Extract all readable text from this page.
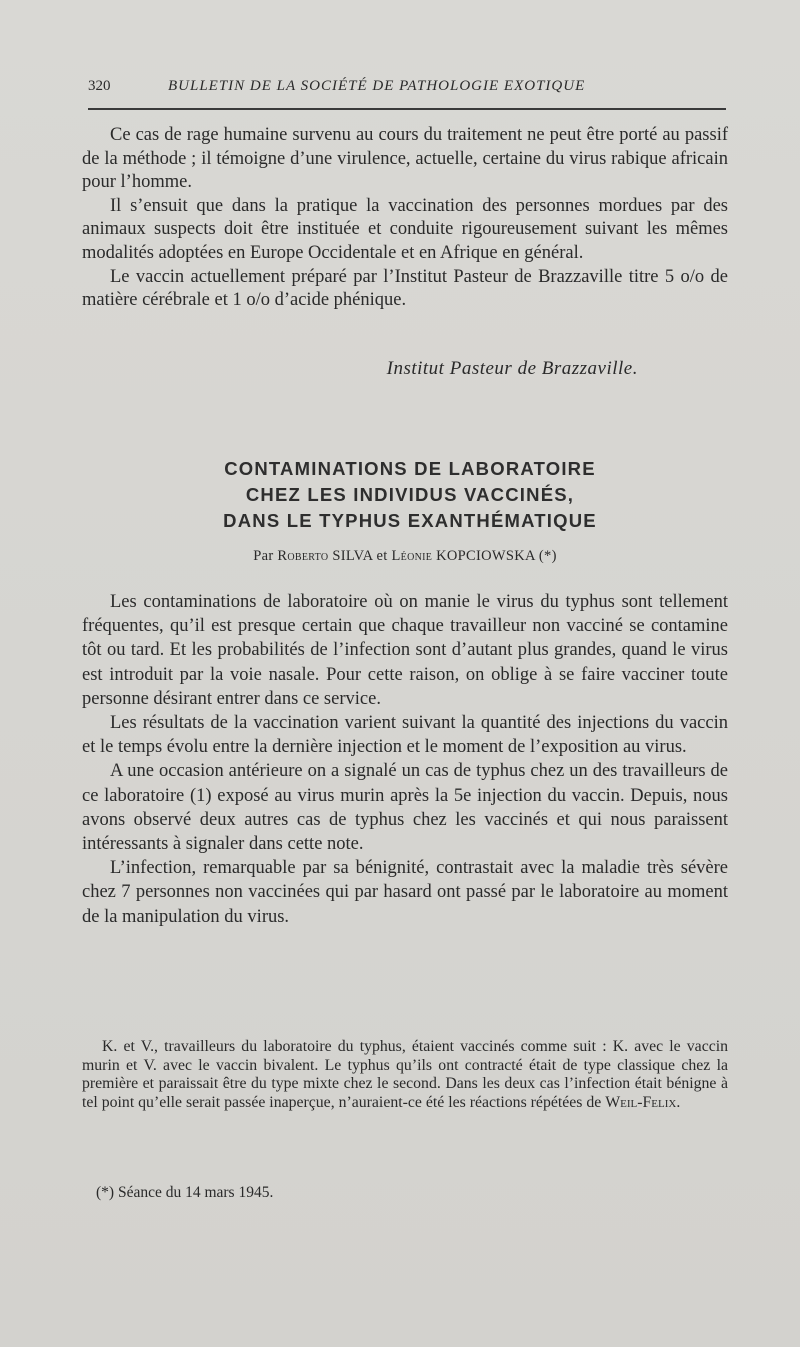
320	BULLETIN DE LA SOCIÉTÉ DE PATHOLOGIE EXOTIQUE

Ce cas de rage humaine survenu au cours du traitement ne peut être porté au passif de la méthode ; il témoigne d’une virulence, actuelle, certaine du virus rabique africain pour l’homme.

Il s’ensuit que dans la pratique la vaccination des personnes mordues par des animaux suspects doit être instituée et conduite rigoureusement suivant les mêmes modalités adoptées en Europe Occidentale et en Afrique en général.

Le vaccin actuellement préparé par l’Institut Pasteur de Brazzaville titre 5 o/o de matière cérébrale et 1 o/o d’acide phénique.

Institut Pasteur de Brazzaville.
CONTAMINATIONS DE LABORATOIRE
CHEZ LES INDIVIDUS VACCINÉS,
DANS LE TYPHUS EXANTHÉMATIQUE
Par Roberto SILVA et Léonie KOPCIOWSKA (*)

Les contaminations de laboratoire où on manie le virus du typhus sont tellement fréquentes, qu’il est presque certain que chaque travailleur non vacciné se contamine tôt ou tard. Et les probabilités de l’infection sont d’autant plus grandes, quand le virus est introduit par la voie nasale. Pour cette raison, on oblige à se faire vacciner toute personne désirant entrer dans ce service.

Les résultats de la vaccination varient suivant la quantité des injections du vaccin et le temps évolu entre la dernière injection et le moment de l’exposition au virus.

A une occasion antérieure on a signalé un cas de typhus chez un des travailleurs de ce laboratoire (1) exposé au virus murin après la 5e injection du vaccin. Depuis, nous avons observé deux autres cas de typhus chez les vaccinés et qui nous paraissent intéressants à signaler dans cette note.

L’infection, remarquable par sa bénignité, contrastait avec la maladie très sévère chez 7 personnes non vaccinées qui par hasard ont passé par le laboratoire au moment de la manipulation du virus.

K. et V., travailleurs du laboratoire du typhus, étaient vaccinés comme suit : K. avec le vaccin murin et V. avec le vaccin bivalent. Le typhus qu’ils ont contracté était de type classique chez la première et paraissait être du type mixte chez le second. Dans les deux cas l’infection était bénigne à tel point qu’elle serait passée inaperçue, n’auraient-ce été les réactions répétées de Weil-Felix.

(*) Séance du 14 mars 1945.
